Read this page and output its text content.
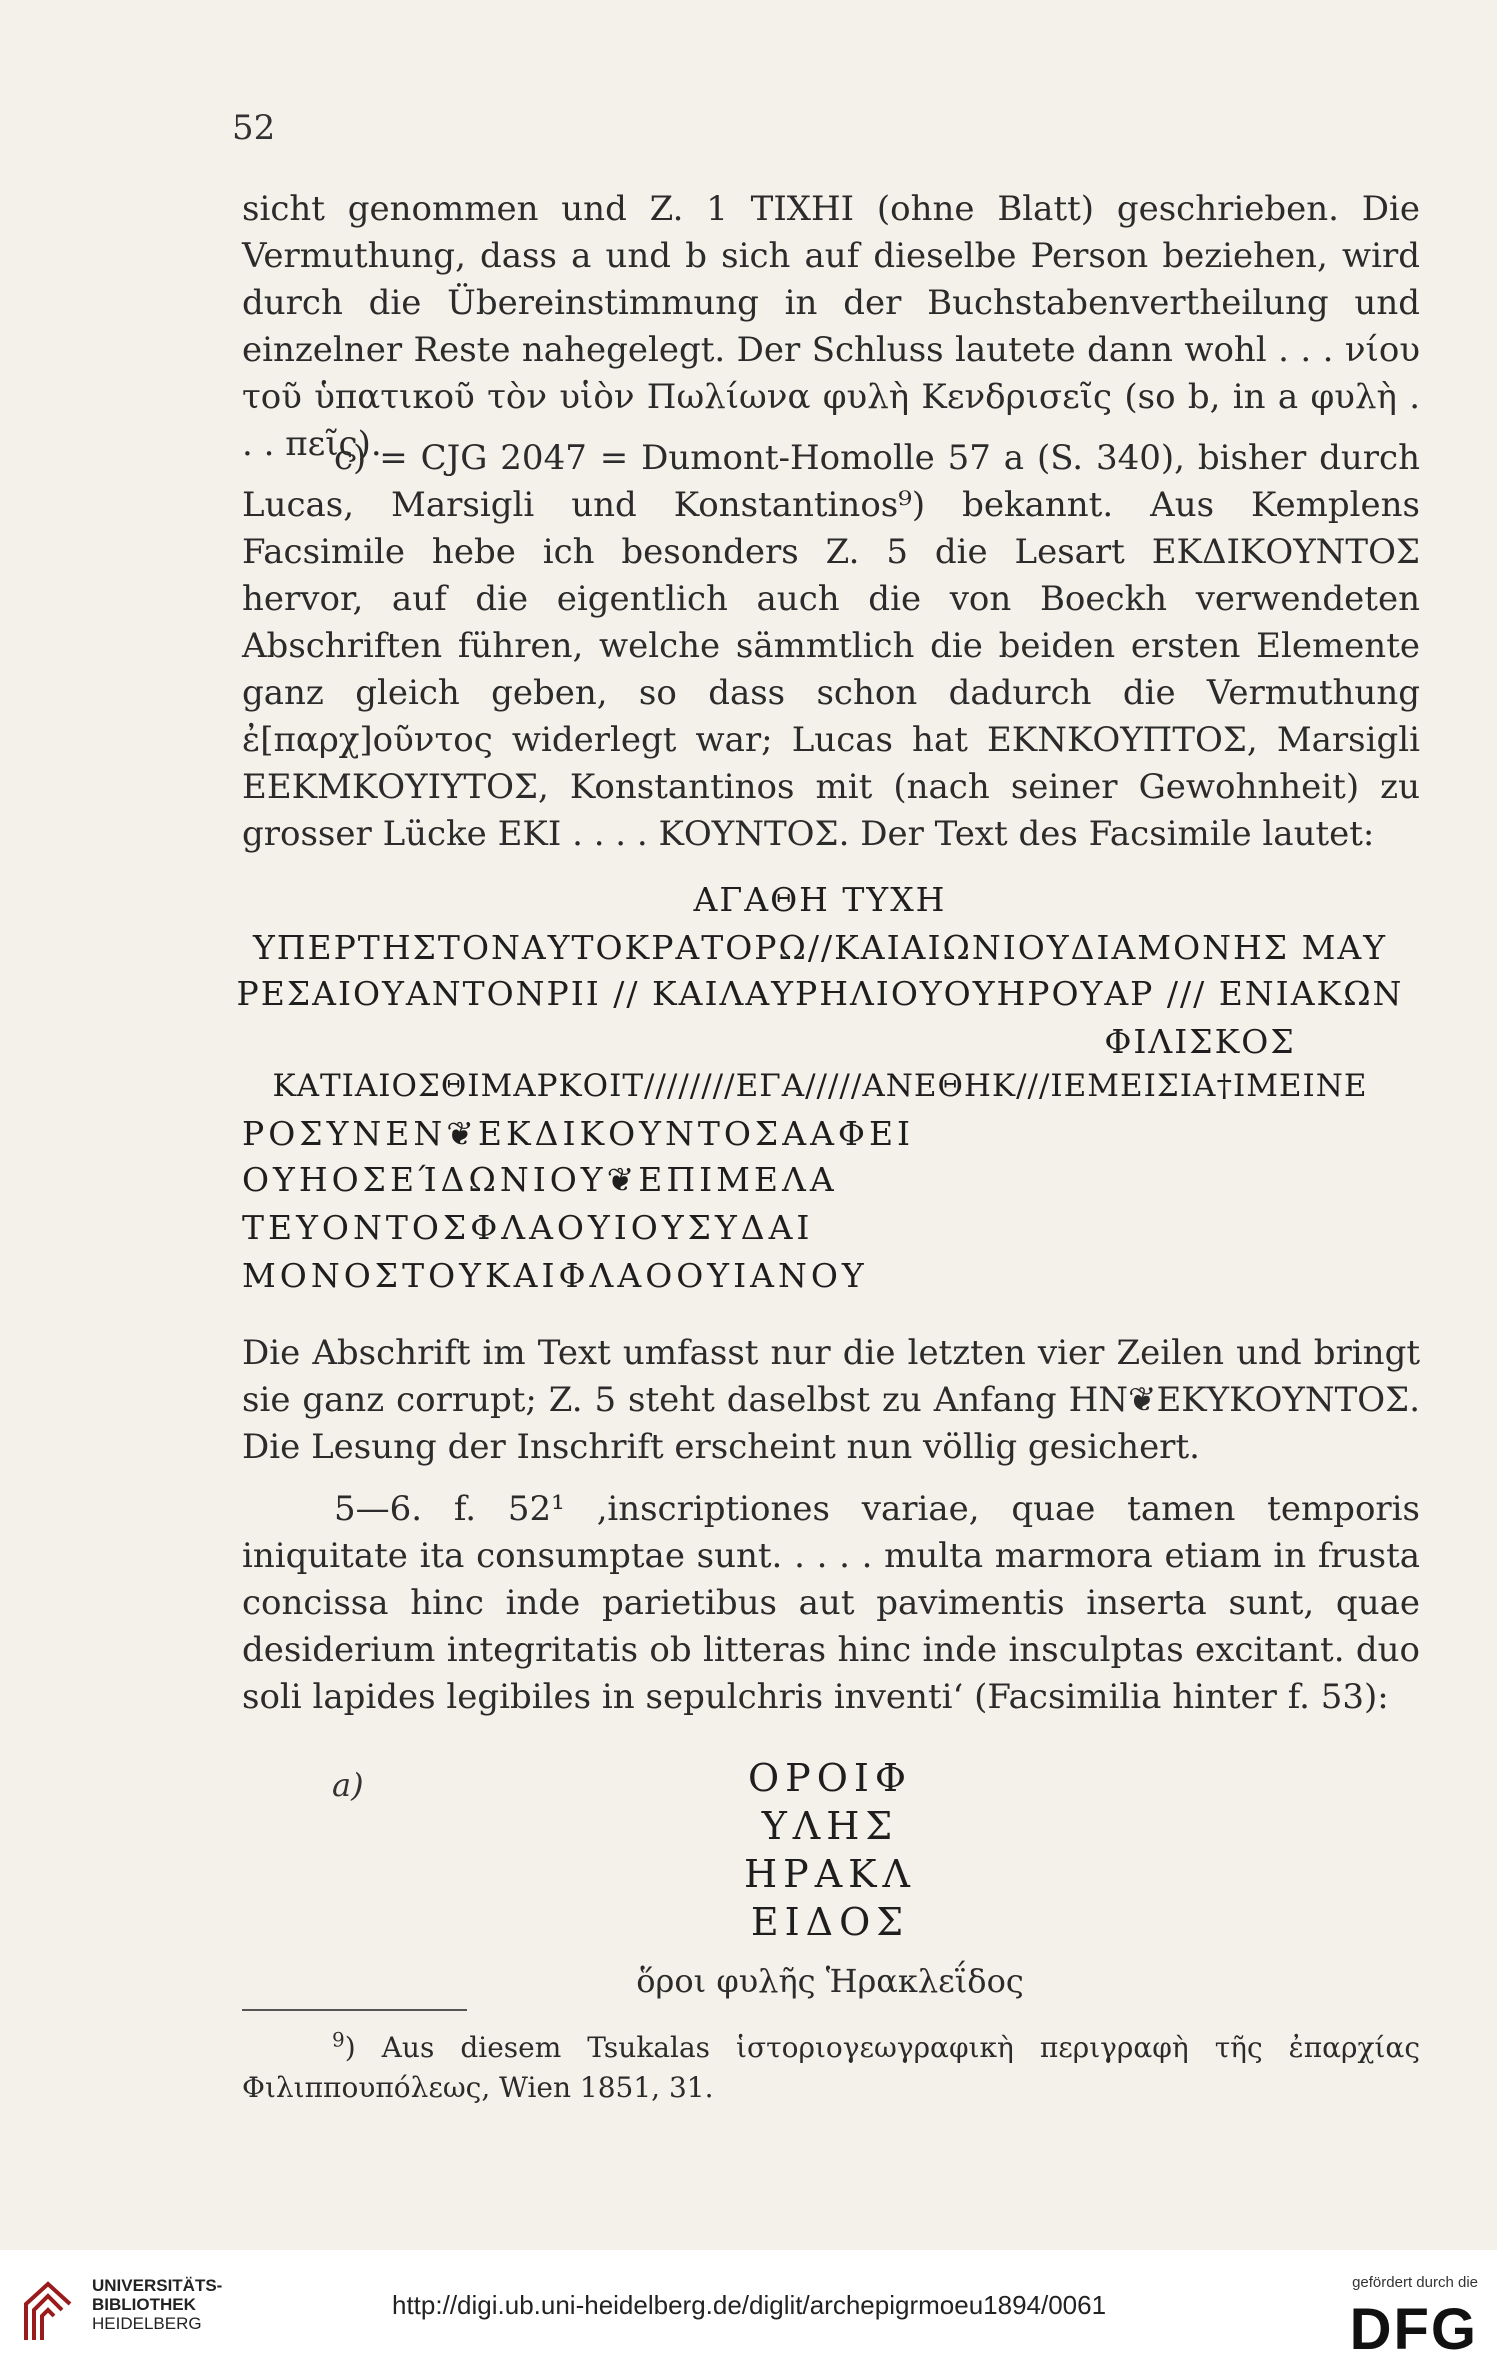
52

sicht genommen und Z. 1 ΤΙΧΗΙ (ohne Blatt) geschrieben. Die Vermuthung, dass a und b sich auf dieselbe Person beziehen, wird durch die Übereinstimmung in der Buchstabenvertheilung und einzelner Reste nahegelegt. Der Schluss lautete dann wohl . . . νίου τοῦ ὑπατικοῦ τὸν υἱὸν Πωλίωνα φυλὴ Κενδρισεῖς (so b, in a φυλὴ . . . πεῖς).

c) = CJG 2047 = Dumont-Homolle 57 a (S. 340), bisher durch Lucas, Marsigli und Konstantinos⁹) bekannt. Aus Kemplens Facsimile hebe ich besonders Z. 5 die Lesart ΕΚΔΙΚΟΥΝΤΟΣ hervor, auf die eigentlich auch die von Boeckh verwendeten Abschriften führen, welche sämmtlich die beiden ersten Elemente ganz gleich geben, so dass schon dadurch die Vermuthung ἐ[παρχ]οῦντος widerlegt war; Lucas hat ΕΚΝΚΟΥΠΤΟΣ, Marsigli ΕΕΚΜΚΟΥΙΥΤΟΣ, Konstantinos mit (nach seiner Gewohnheit) zu grosser Lücke ΕΚΙ . . . . ΚΟΥΝΤΟΣ. Der Text des Facsimile lautet:

ΑΓΑΘΗ ΤΥΧΗ
ΥΠΕΡΤΗΣΤΟΝΑΥΤΟΚΡΑΤΟΡΩ//ΚΑΙΑΙΩΝΙΟΥΔΙΑΜΟΝΗΣ ΜΑΥ
ΡΕΣΑΙΟΥΑΝΤΟΝΡΙΙ // ΚΑΙΛΑΥΡΗΛΙΟΥΟΥΗΡΟΥΑΡ /// ΕΝΙΑΚΩΝ
ΦΙΛΙΣΚΟΣ
ΚΑΤΙΑΙΟΣΘΙΜΑΡΚΟΙΤ////////ΕΓΑ/////ΑΝΕΘΗΚ///ΙΕΜΕΙΣΙΑ†ΙΜΕΙΝΕ
ΡΟΣΥΝΕΝ❦ΕΚΔΙΚΟΥΝΤΟΣΑΑΦΕΙ
ΟΥΗΟΣΕΊΔΩΝΙΟΥ❦ΕΠΙΜΕΛΑ
ΤΕΥΟΝΤΟΣΦΛΑΟΥΙΟΥΣΥΔΑΙ
ΜΟΝΟΣΤΟΥΚΑΙΦΛΑΟΟΥΙΑΝΟΥ

Die Abschrift im Text umfasst nur die letzten vier Zeilen und bringt sie ganz corrupt; Z. 5 steht daselbst zu Anfang ΗΝ❦ΕΚΥΚΟΥΝΤΟΣ. Die Lesung der Inschrift erscheint nun völlig gesichert.

5—6. f. 52¹ ‚inscriptiones variae, quae tamen temporis iniquitate ita consumptae sunt. . . . . multa marmora etiam in frusta concissa hinc inde parietibus aut pavimentis inserta sunt, quae desiderium integritatis ob litteras hinc inde insculptas excitant. duo soli lapides legibiles in sepulchris inventi‘ (Facsimilia hinter f. 53):

a)	ΟΡΟΙΦ
ΥΛΗΣ
ΗΡΑΚΛ
ΕΙΔΟΣ
ὅροι φυλῆς Ἡρακλεΐδος
$^9$) Aus diesem Tsukalas ἱστοριογεωγραφικὴ περιγραφὴ τῆς ἐπαρχίας Φιλιππουπόλεως, Wien 1851, 31.
UNIVERSITÄTS-
BIBLIOTHEK
HEIDELBERG
http://digi.ub.uni-heidelberg.de/diglit/archepigrmoeu1894/0061
gefördert durch die
DFG
